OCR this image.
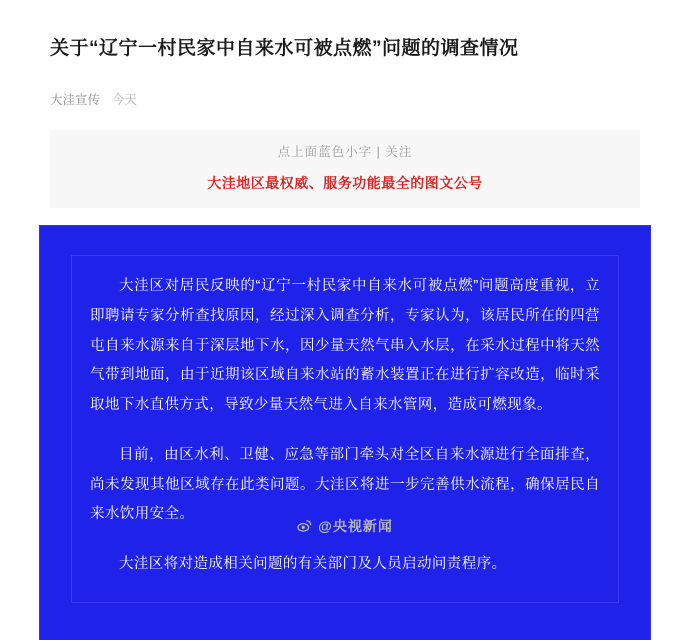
关于“辽宁一村民家中自来水可被点燃”问题的调查情况
大洼宣传 今天
点上面蓝色小字 | 关注
大洼地区最权威、服务功能最全的图文公号

大洼区对居民反映的“辽宁一村民家中自来水可被点燃”问题高度重视，立即聘请专家分析查找原因，经过深入调查分析，专家认为，该居民所在的四营屯自来水源来自于深层地下水，因少量天然气串入水层，在采水过程中将天然气带到地面，由于近期该区域自来水站的蓄水装置正在进行扩容改造，临时采取地下水直供方式，导致少量天然气进入自来水管网，造成可燃现象。

目前，由区水利、卫健、应急等部门牵头对全区自来水源进行全面排查，尚未发现其他区域存在此类问题。大洼区将进一步完善供水流程，确保居民自来水饮用安全。

大洼区将对造成相关问题的有关部门及人员启动问责程序。

@央视新闻
